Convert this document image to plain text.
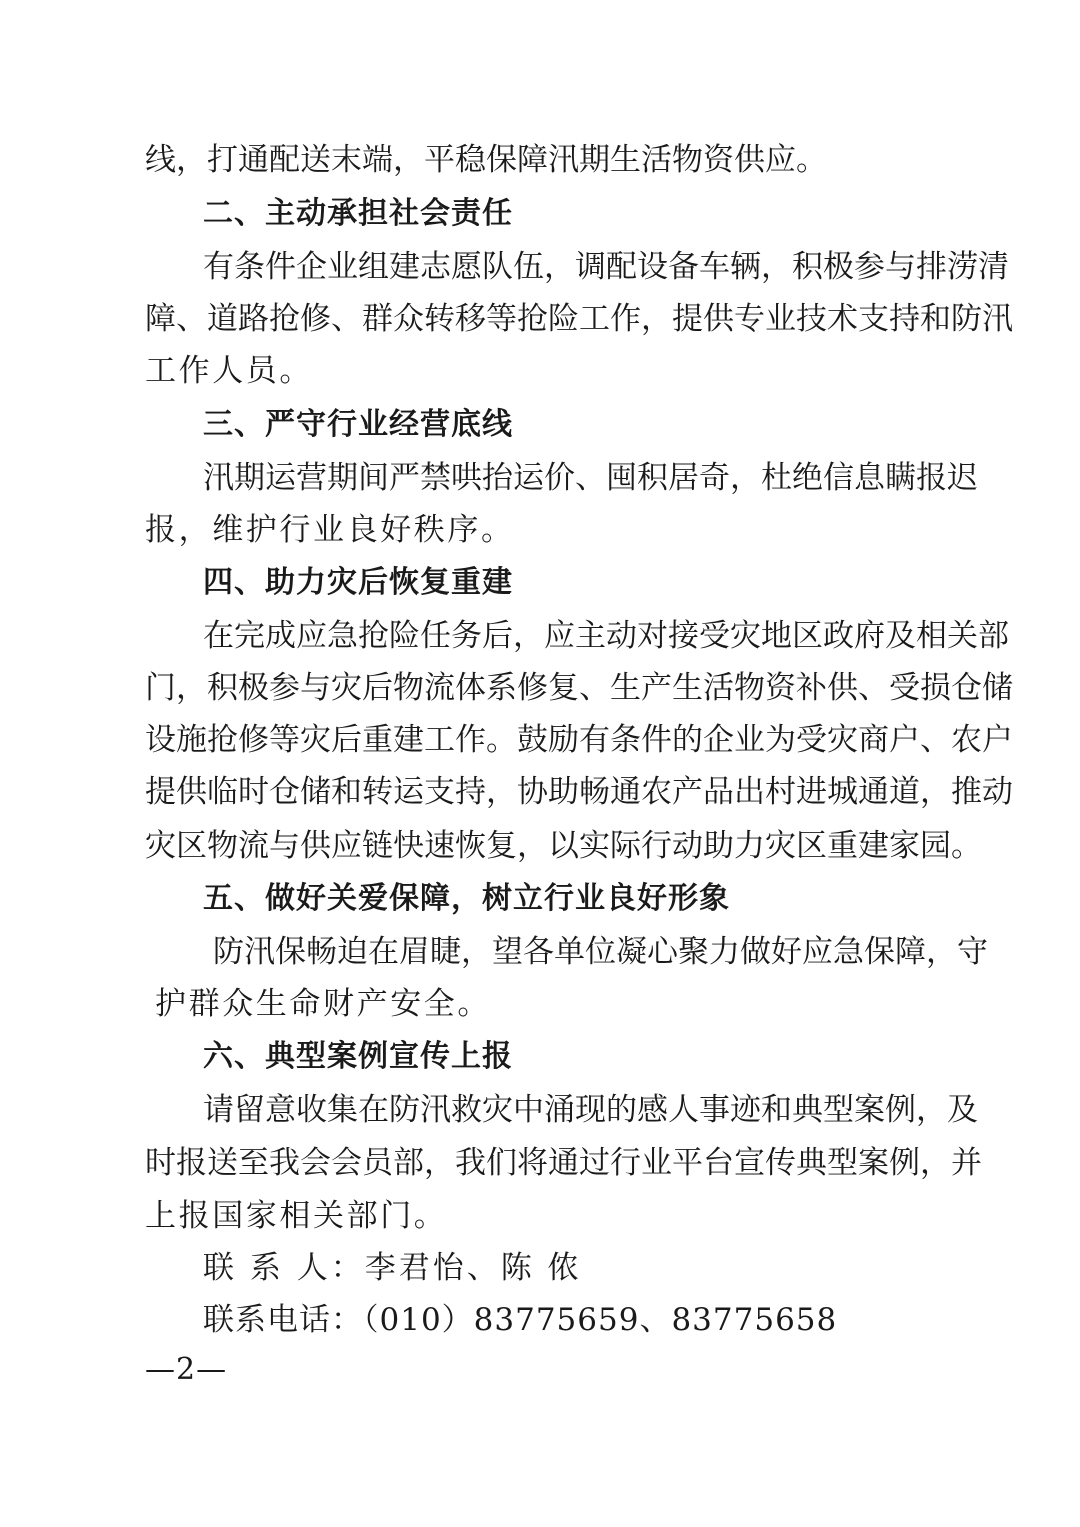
线，打通配送末端，平稳保障汛期生活物资供应。
二、主动承担社会责任
有条件企业组建志愿队伍，调配设备车辆，积极参与排涝清
障、道路抢修、群众转移等抢险工作，提供专业技术支持和防汛
工作人员。
三、严守行业经营底线
汛期运营期间严禁哄抬运价、囤积居奇，杜绝信息瞒报迟
报，维护行业良好秩序。
四、助力灾后恢复重建
在完成应急抢险任务后，应主动对接受灾地区政府及相关部
门，积极参与灾后物流体系修复、生产生活物资补供、受损仓储
设施抢修等灾后重建工作。鼓励有条件的企业为受灾商户、农户
提供临时仓储和转运支持，协助畅通农产品出村进城通道，推动
灾区物流与供应链快速恢复，以实际行动助力灾区重建家园。
五、做好关爱保障，树立行业良好形象
防汛保畅迫在眉睫，望各单位凝心聚力做好应急保障，守
护群众生命财产安全。
六、典型案例宣传上报
请留意收集在防汛救灾中涌现的感人事迹和典型案例，及
时报送至我会会员部，我们将通过行业平台宣传典型案例，并
上报国家相关部门。
联 系 人：李君怡、陈 侬
联系电话：（010）83775659、83775658
—2—
